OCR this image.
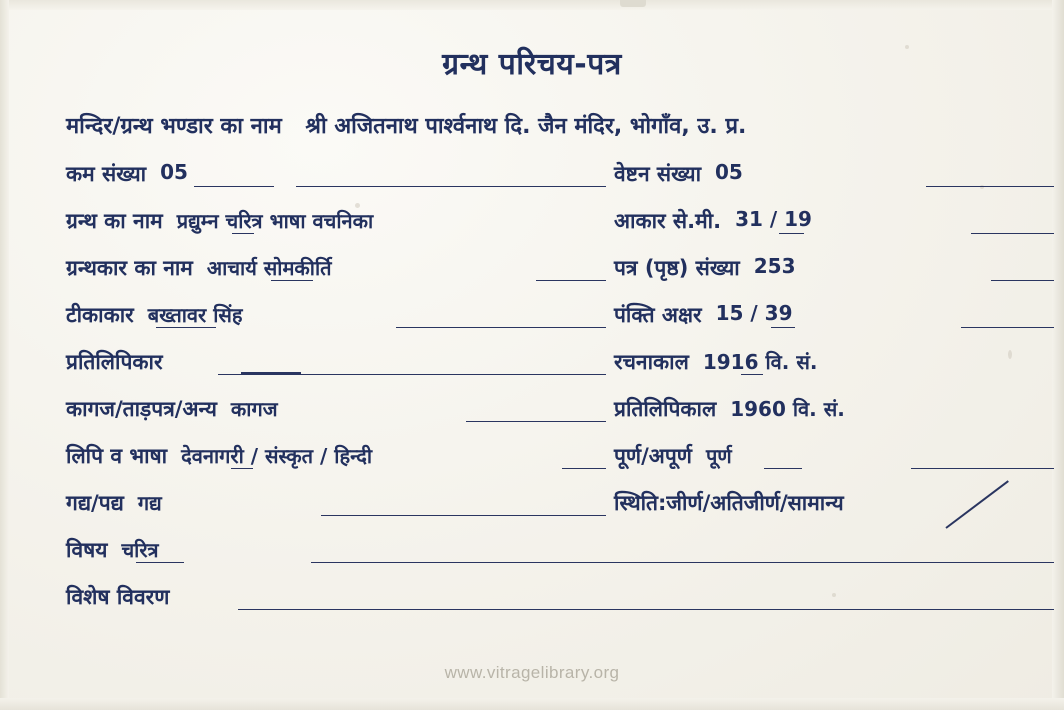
ग्रन्थ परिचय-पत्र
मन्दिर/ग्रन्थ भण्डार का नाम श्री अजितनाथ पार्श्वनाथ दि. जैन मंदिर, भोगाँव, उ. प्र.
कम संख्या 05	वेष्टन संख्या 05
ग्रन्थ का नाम प्रद्युम्न चरित्र भाषा वचनिका	आकार से.मी. 31 / 19
ग्रन्थकार का नाम आचार्य सोमकीर्ति	पत्र (पृष्ठ) संख्या 253
टीकाकार बख्तावर सिंह	पंक्ति अक्षर 15 / 39
प्रतिलिपिकार	रचनाकाल 1916 वि. सं.
कागज/ताड़पत्र/अन्य कागज	प्रतिलिपिकाल 1960 वि. सं.
लिपि व भाषा देवनागरी / संस्कृत / हिन्दी	पूर्ण/अपूर्ण पूर्ण
गद्य/पद्य गद्य	स्थिति:जीर्ण/अतिजीर्ण/सामान्य
विषय चरित्र
विशेष विवरण
www.vitragelibrary.org
